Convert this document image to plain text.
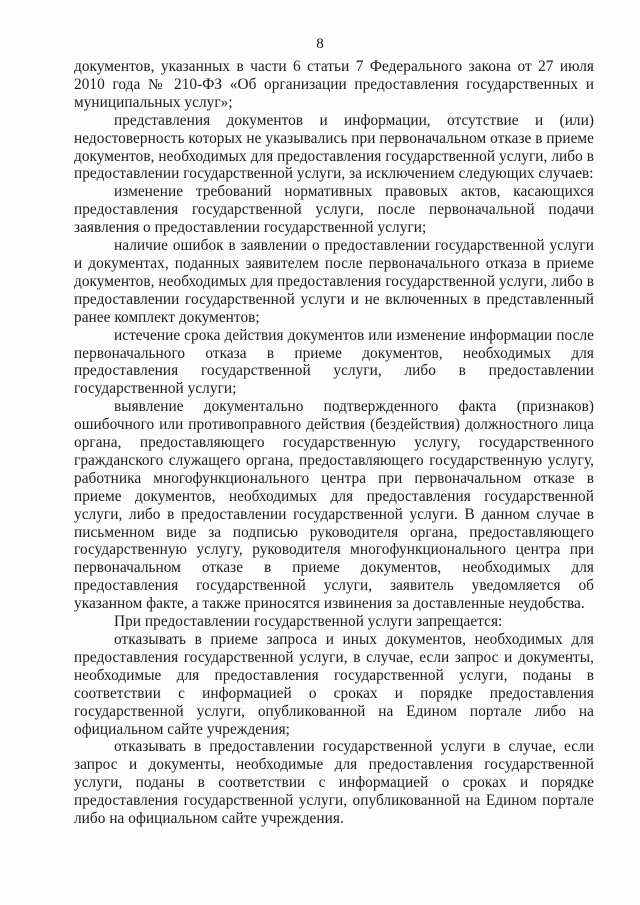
8

документов, указанных в части 6 статьи 7 Федерального закона от 27 июля 2010 года № 210-ФЗ «Об организации предоставления государственных и муниципальных услуг»;

представления документов и информации, отсутствие и (или) недостоверность которых не указывались при первоначальном отказе в приеме документов, необходимых для предоставления государственной услуги, либо в предоставлении государственной услуги, за исключением следующих случаев:

изменение требований нормативных правовых актов, касающихся предоставления государственной услуги, после первоначальной подачи заявления о предоставлении государственной услуги;

наличие ошибок в заявлении о предоставлении государственной услуги и документах, поданных заявителем после первоначального отказа в приеме документов, необходимых для предоставления государственной услуги, либо в предоставлении государственной услуги и не включенных в представленный ранее комплект документов;

истечение срока действия документов или изменение информации после первоначального отказа в приеме документов, необходимых для предоставления государственной услуги, либо в предоставлении государственной услуги;

выявление документально подтвержденного факта (признаков) ошибочного или противоправного действия (бездействия) должностного лица органа, предоставляющего государственную услугу, государственного гражданского служащего органа, предоставляющего государственную услугу, работника многофункционального центра при первоначальном отказе в приеме документов, необходимых для предоставления государственной услуги, либо в предоставлении государственной услуги. В данном случае в письменном виде за подписью руководителя органа, предоставляющего государственную услугу, руководителя многофункционального центра при первоначальном отказе в приеме документов, необходимых для предоставления государственной услуги, заявитель уведомляется об указанном факте, а также приносятся извинения за доставленные неудобства.

При предоставлении государственной услуги запрещается:

отказывать в приеме запроса и иных документов, необходимых для предоставления государственной услуги, в случае, если запрос и документы, необходимые для предоставления государственной услуги, поданы в соответствии с информацией о сроках и порядке предоставления государственной услуги, опубликованной на Едином портале либо на официальном сайте учреждения;

отказывать в предоставлении государственной услуги в случае, если запрос и документы, необходимые для предоставления государственной услуги, поданы в соответствии с информацией о сроках и порядке предоставления государственной услуги, опубликованной на Едином портале либо на официальном сайте учреждения.
